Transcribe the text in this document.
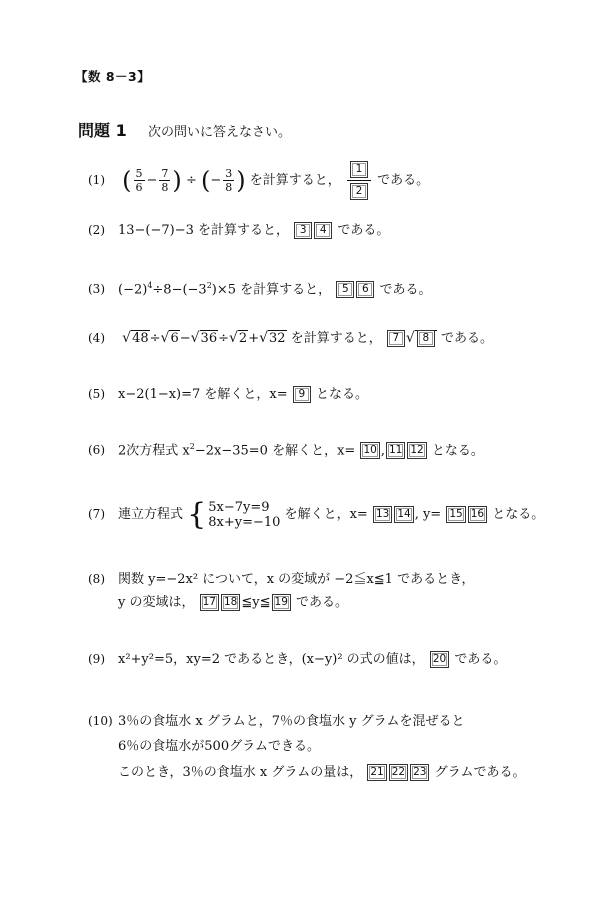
【数 8－3】
問題 1 次の問いに答えなさい。
(1) ( $\frac{5}{6} - \frac{7}{8}$ ) ÷ (− $\frac{3}{8}$ ) を計算すると， $\frac{1}{2}$ である。
(2) 13−(−7)−3 を計算すると， 3 4 である。
(3) $(-2)^4\div 8-(-3^2)\times 5$ を計算すると， 5 6 である。
(4) √48÷√6−√36÷√2+√32 を計算すると， 7 √ 8 である。
(5) x−2(1−x)=7 を解くと，x= 9 となる。
(6) 2次方程式 $x^2-2x-35=0$ を解くと，x= 10 , 11 12 となる。
(7) 連立方程式 { 5x−7y=9
8x+y=−10 を解くと，x= 13 14 , y= 15 16 となる。
(8) 関数 y=−2x² について，x の変域が −2≦x≦1 であるとき，
y の変域は， 17 18 ≦y≦ 19 である。
(9) x²+y²=5，xy=2 であるとき，(x−y)² の式の値は， 20 である。
(10) 3％の食塩水 x グラムと，7％の食塩水 y グラムを混ぜると
6％の食塩水が500グラムできる。
このとき，3％の食塩水 x グラムの量は， 21 22 23 グラムである。
